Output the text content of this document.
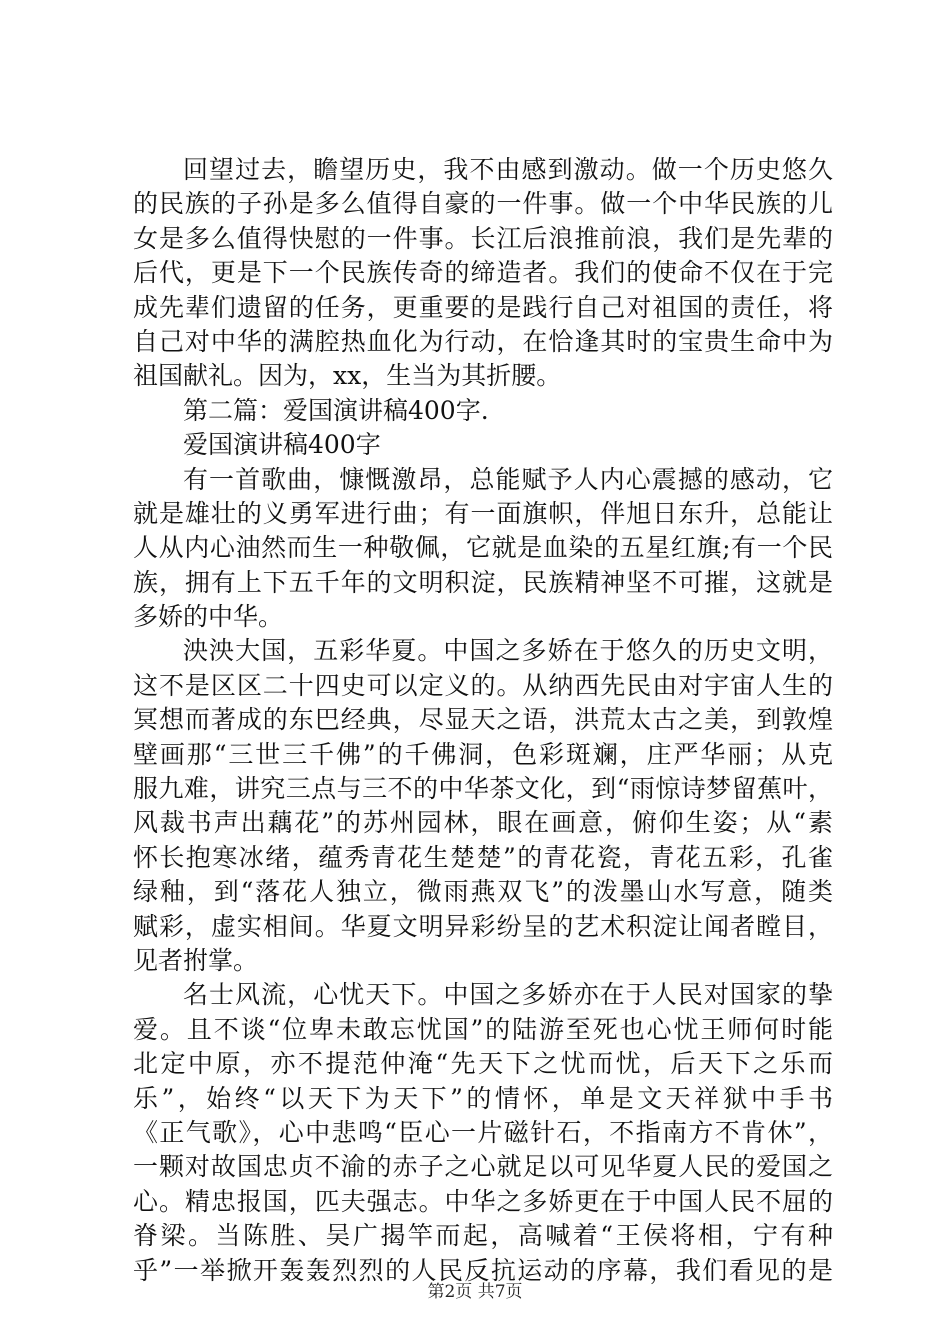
回望过去，瞻望历史，我不由感到激动。做一个历史悠久
的民族的子孙是多么值得自豪的一件事。做一个中华民族的儿
女是多么值得快慰的一件事。长江后浪推前浪，我们是先辈的
后代，更是下一个民族传奇的缔造者。我们的使命不仅在于完
成先辈们遗留的任务，更重要的是践行自己对祖国的责任，将
自己对中华的满腔热血化为行动，在恰逢其时的宝贵生命中为
祖国献礼。因为，xx，生当为其折腰。
第二篇：爱国演讲稿400字.
爱国演讲稿400字
有一首歌曲，慷慨激昂，总能赋予人内心震撼的感动，它
就是雄壮的义勇军进行曲；有一面旗帜，伴旭日东升，总能让
人从内心油然而生一种敬佩，它就是血染的五星红旗;有一个民
族，拥有上下五千年的文明积淀，民族精神坚不可摧，这就是
多娇的中华。
泱泱大国，五彩华夏。中国之多娇在于悠久的历史文明，
这不是区区二十四史可以定义的。从纳西先民由对宇宙人生的
冥想而著成的东巴经典，尽显天之语，洪荒太古之美，到敦煌
壁画那“三世三千佛”的千佛洞，色彩斑斓，庄严华丽；从克
服九难，讲究三点与三不的中华茶文化，到“雨惊诗梦留蕉叶，
风裁书声出藕花”的苏州园林，眼在画意，俯仰生姿；从“素
怀长抱寒冰绪，蕴秀青花生楚楚”的青花瓷，青花五彩，孔雀
绿釉，到“落花人独立，微雨燕双飞”的泼墨山水写意，随类
赋彩，虚实相间。华夏文明异彩纷呈的艺术积淀让闻者瞠目，
见者拊掌。
名士风流，心忧天下。中国之多娇亦在于人民对国家的挚
爱。且不谈“位卑未敢忘忧国”的陆游至死也心忧王师何时能
北定中原，亦不提范仲淹“先天下之忧而忧，后天下之乐而
乐”，始终“以天下为天下”的情怀，单是文天祥狱中手书
《正气歌》，心中悲鸣“臣心一片磁针石，不指南方不肯休”，
一颗对故国忠贞不渝的赤子之心就足以可见华夏人民的爱国之
心。精忠报国，匹夫强志。中华之多娇更在于中国人民不屈的
脊梁。当陈胜、吴广揭竿而起，高喊着“王侯将相，宁有种
乎”一举掀开轰轰烈烈的人民反抗运动的序幕，我们看见的是
第2页 共7页
